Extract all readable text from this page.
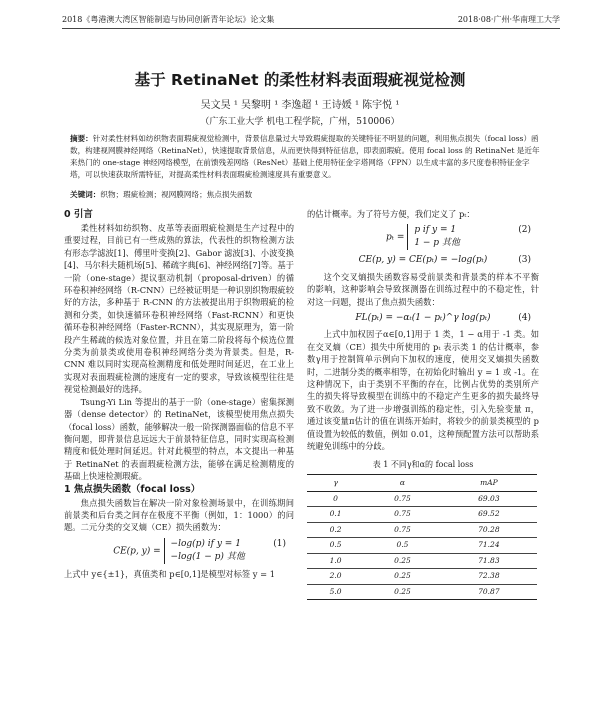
2018《粤港澳大湾区智能制造与协同创新青年论坛》论文集	2018·08·广州·华南理工大学
基于 RetinaNet 的柔性材料表面瑕疵视觉检测
吴文昊 ¹ 吴黎明 ¹ 李逸超 ¹ 王诗媛 ¹ 陈宇悦 ¹
（广东工业大学 机电工程学院，广州，510006）
摘要：针对柔性材料如纺织物表面瑕疵视觉检测中，背景信息量过大导致瑕疵提取的关键特征不明显的问题，利用焦点损失（focal loss）函数，构建视网膜神经网络（RetinaNet），快速提取背景信息，从而更快得到特征信息，即表面瑕疵。使用 focal loss 的 RetinaNet 是近年来热门的 one-stage 神经网络模型，在前馈残差网络（ResNet）基础上使用特征金字塔网络（FPN）以生成丰富的多尺度卷积特征金字塔，可以快速获取所需特征，对提高柔性材料表面瑕疵检测速度具有重要意义。
关键词：织物；瑕疵检测；视网膜网络；焦点损失函数
0 引言

柔性材料如纺织物、皮革等表面瑕疵检测是生产过程中的重要过程，目前已有一些成熟的算法，代表性的织物检测方法有形态学滤波[1]、傅里叶变换[2]、Gabor 滤波[3]、小波变换[4]、马尔科夫随机场[5]、稀疏字典[6]、神经网络[7]等。基于一阶（one-stage）提议驱动机制（proposal-driven）的循环卷积神经网络（R-CNN）已经被证明是一种识别织物瑕疵较好的方法，多种基于 R-CNN 的方法被提出用于织物瑕疵的检测和分类，如快速循环卷积神经网络（Fast-RCNN）和更快循环卷积神经网络（Faster-RCNN），其实现原理为，第一阶段产生稀疏的候选对象位置，并且在第二阶段将每个候选位置分类为前景类或使用卷积神经网络分类为背景类。但是，R-CNN 难以同时实现高检测精度和低处理时间延迟，在工业上实现对表面瑕疵检测的速度有一定的要求，导致该模型往往是视觉检测最好的选择。

Tsung-Yi Lin 等提出的基于一阶（one-stage）密集探测器（dense detector）的 RetinaNet，该模型使用焦点损失（focal loss）函数，能够解决一般一阶探测器面临的信息不平衡问题，即背景信息远远大于前景特征信息，同时实现高检测精度和低处理时间延迟。针对此模型的特点，本文提出一种基于 RetinaNet 的表面瑕疵检测方法，能够在满足检测精度的基础上快速检测瑕疵。

1 焦点损失函数（focal loss）

焦点损失函数旨在解决一阶对象检测场景中，在训练期间前景类和后台类之间存在极度不平衡（例如，1：1000）的问题。二元分类的交叉熵（CE）损失函数为：

CE(p, y) = −log(p) if y = 1
−log(1 − p) 其他
(1)

上式中 y∈{±1}，真值类和 p∈[0,1]是模型对标签 y = 1

的估计概率。为了符号方便，我们定义了 pₜ：

pₜ = p if y = 1
1 − p 其他
(2)
CE(p, y) = CE(pₜ) = −log(pₜ)	(3)

这个交叉熵损失函数容易受前景类和背景类的样本不平衡的影响，这种影响会导致探测器在训练过程中的不稳定性，针对这一问题，提出了焦点损失函数：

FL(pₜ) = −αₜ(1 − pₜ)^γ log(pₜ)	(4)

上式中加权因子α∈[0,1]用于 1 类，1 − α用于 -1 类。如在交叉熵（CE）损失中所使用的 pₜ 表示类 1 的估计概率，参数γ用于控制简单示例向下加权的速度，使用交叉熵损失函数时，二进制分类的概率相等，在初始化时输出 y = 1 或 -1。在这种情况下，由于类别不平衡的存在，比例占优势的类别所产生的损失将导致模型在训练中的不稳定产生更多的损失最终导致不收敛。为了进一步增强训练的稳定性，引入先验变量 π，通过该变量π估计的值在训练开始时，将较少的前景类模型的 p 值设置为较低的数值，例如 0.01，这种预配置方法可以帮助系统避免训练中的分歧。

表 1 不同γ和α的 focal loss
γ	α	mAP
0	0.75	69.03
0.1	0.75	69.52
0.2	0.75	70.28
0.5	0.5	71.24
1.0	0.25	71.83
2.0	0.25	72.38
5.0	0.25	70.87
